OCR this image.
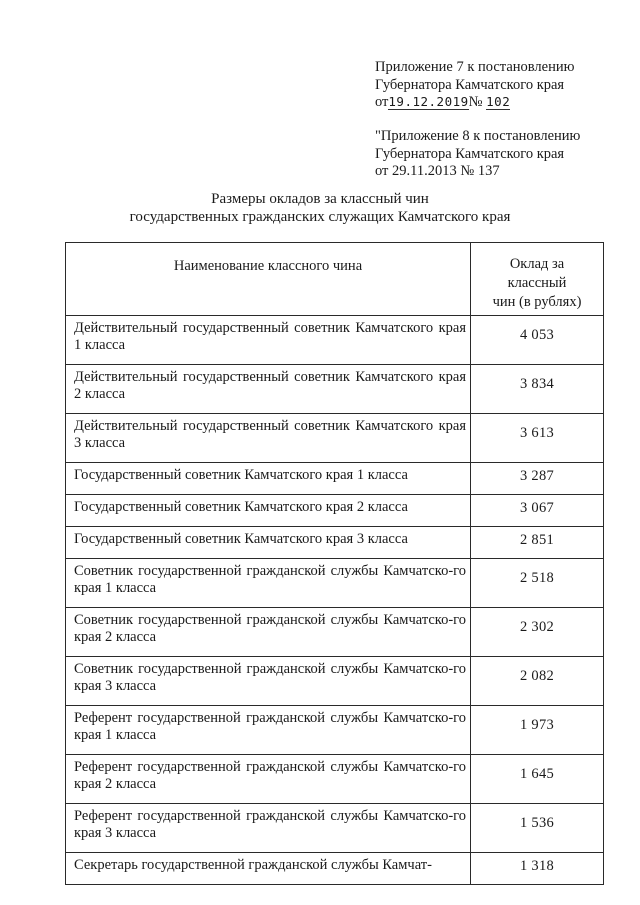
Приложение 7 к постановлению
Губернатора Камчатского края
от19.12.2019№ 102
"Приложение 8 к постановлению
Губернатора Камчатского края
от 29.11.2013 № 137
Размеры окладов за классный чин
государственных гражданских служащих Камчатского края
Наименование классного чина	Оклад за
классный
чин (в рублях)

Действительный государственный советник Камчатского края 1 класса	4 053
Действительный государственный советник Камчатского края 2 класса	3 834
Действительный государственный советник Камчатского края 3 класса	3 613
Государственный советник Камчатского края 1 класса	3 287
Государственный советник Камчатского края 2 класса	3 067
Государственный советник Камчатского края 3 класса	2 851
Советник государственной гражданской службы Камчатско-го края 1 класса	2 518
Советник государственной гражданской службы Камчатско-го края 2 класса	2 302
Советник государственной гражданской службы Камчатско-го края 3 класса	2 082
Референт государственной гражданской службы Камчатско-го края 1 класса	1 973
Референт государственной гражданской службы Камчатско-го края 2 класса	1 645
Референт государственной гражданской службы Камчатско-го края 3 класса	1 536
Секретарь государственной гражданской службы Камчат-	1 318
